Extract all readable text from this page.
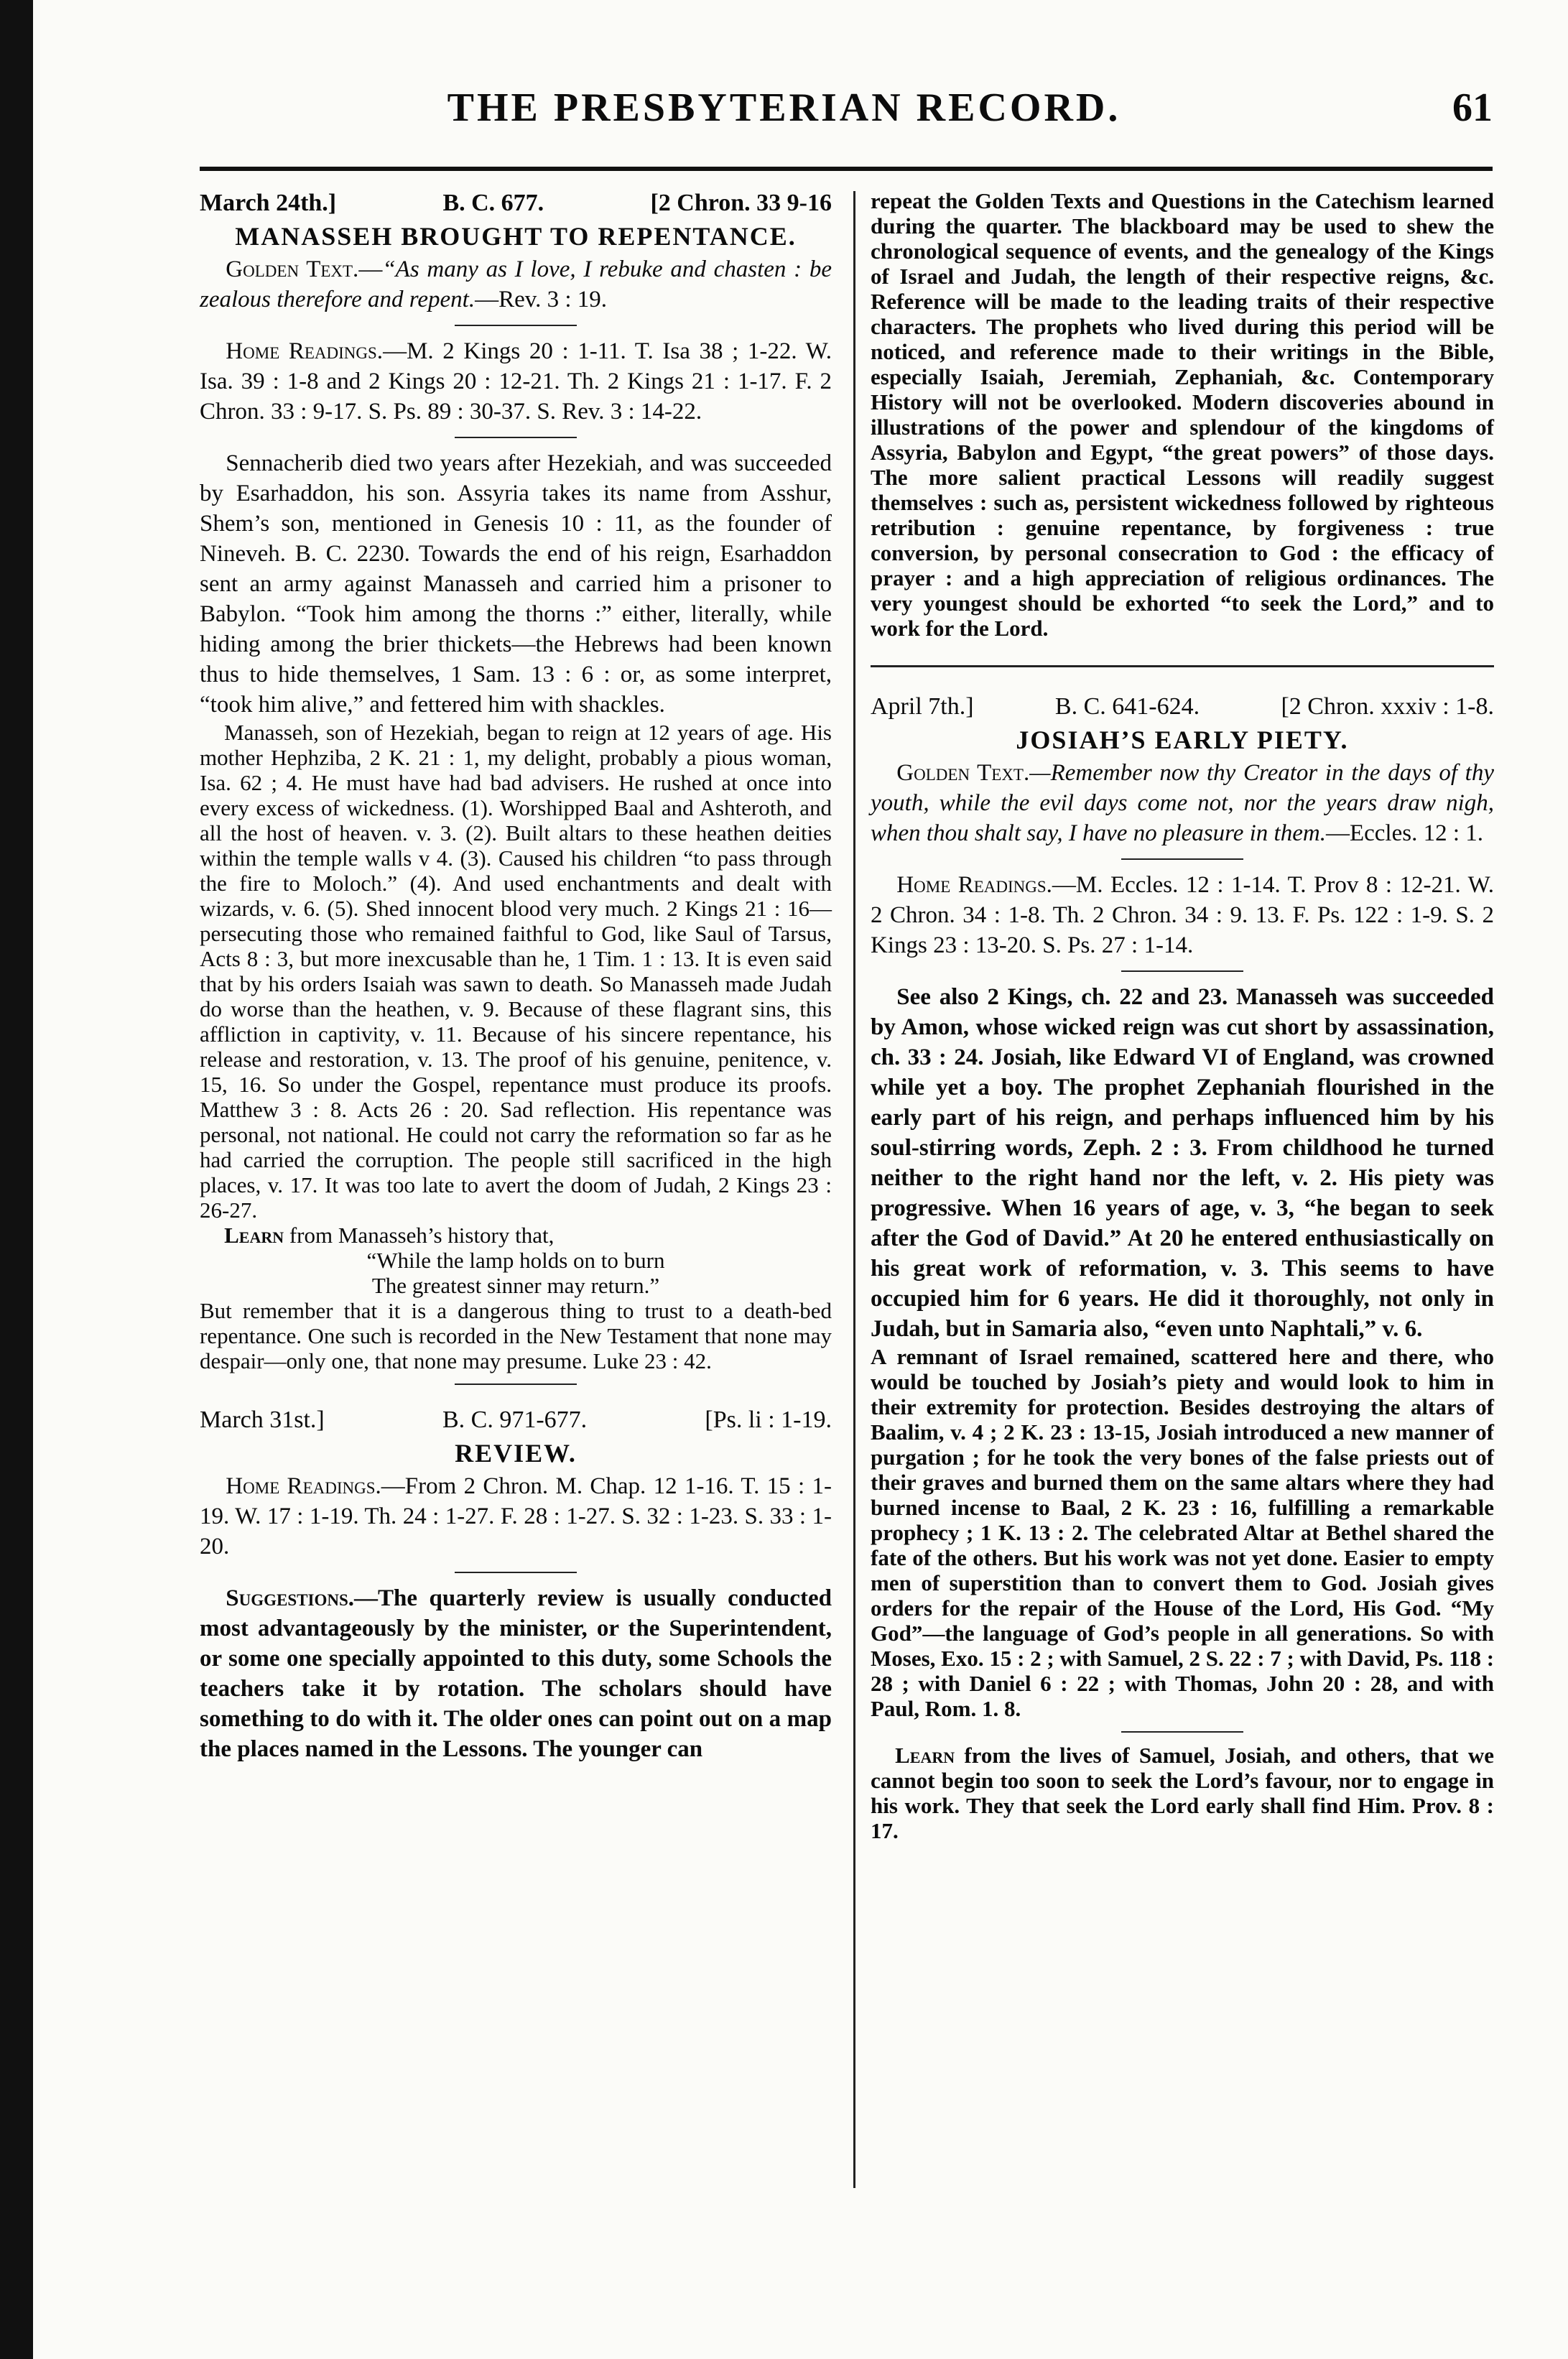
THE PRESBYTERIAN RECORD.	61
March 24th.]	B. C. 677.	[2 Chron. 33 9-16
MANASSEH BROUGHT TO REPENTANCE.

Golden Text.—“As many as I love, I rebuke and chasten : be zealous therefore and repent.—Rev. 3 : 19.

Home Readings.—M. 2 Kings 20 : 1-11. T. Isa 38 ; 1-22. W. Isa. 39 : 1-8 and 2 Kings 20 : 12-21. Th. 2 Kings 21 : 1-17. F. 2 Chron. 33 : 9-17. S. Ps. 89 : 30-37. S. Rev. 3 : 14-22.

Sennacherib died two years after Hezekiah, and was succeeded by Esarhaddon, his son. Assyria takes its name from Asshur, Shem’s son, mentioned in Genesis 10 : 11, as the founder of Nineveh. B. C. 2230. Towards the end of his reign, Esarhaddon sent an army against Manasseh and carried him a prisoner to Babylon. “Took him among the thorns :” either, literally, while hiding among the brier thickets—the Hebrews had been known thus to hide themselves, 1 Sam. 13 : 6 : or, as some interpret, “took him alive,” and fettered him with shackles.

Manasseh, son of Hezekiah, began to reign at 12 years of age. His mother Hephziba, 2 K. 21 : 1, my delight, probably a pious woman, Isa. 62 ; 4. He must have had bad advisers. He rushed at once into every excess of wickedness. (1). Worshipped Baal and Ashteroth, and all the host of heaven. v. 3. (2). Built altars to these heathen deities within the temple walls v 4. (3). Caused his children “to pass through the fire to Moloch.” (4). And used enchantments and dealt with wizards, v. 6. (5). Shed innocent blood very much. 2 Kings 21 : 16—persecuting those who remained faithful to God, like Saul of Tarsus, Acts 8 : 3, but more inexcusable than he, 1 Tim. 1 : 13. It is even said that by his orders Isaiah was sawn to death. So Manasseh made Judah do worse than the heathen, v. 9. Because of these flagrant sins, this affliction in captivity, v. 11. Because of his sincere repentance, his release and restoration, v. 13. The proof of his genuine, penitence, v. 15, 16. So under the Gospel, repentance must produce its proofs. Matthew 3 : 8. Acts 26 : 20. Sad reflection. His repentance was personal, not national. He could not carry the reformation so far as he had carried the corruption. The people still sacrificed in the high places, v. 17. It was too late to avert the doom of Judah, 2 Kings 23 : 26-27.

Learn from Manasseh’s history that,

“While the lamp holds on to burn

The greatest sinner may return.”

But remember that it is a dangerous thing to trust to a death-bed repentance. One such is recorded in the New Testament that none may despair—only one, that none may presume. Luke 23 : 42.

March 31st.]	B. C. 971-677.	[Ps. li : 1-19.
REVIEW.

Home Readings.—From 2 Chron. M. Chap. 12 1-16. T. 15 : 1-19. W. 17 : 1-19. Th. 24 : 1-27. F. 28 : 1-27. S. 32 : 1-23. S. 33 : 1-20.

Suggestions.—The quarterly review is usually conducted most advantageously by the minister, or the Superintendent, or some one specially appointed to this duty, some Schools the teachers take it by rotation. The scholars should have something to do with it. The older ones can point out on a map the places named in the Lessons. The younger can

repeat the Golden Texts and Questions in the Catechism learned during the quarter. The blackboard may be used to shew the chronological sequence of events, and the genealogy of the Kings of Israel and Judah, the length of their respective reigns, &c. Reference will be made to the leading traits of their respective characters. The prophets who lived during this period will be noticed, and reference made to their writings in the Bible, especially Isaiah, Jeremiah, Zephaniah, &c. Contemporary History will not be overlooked. Modern discoveries abound in illustrations of the power and splendour of the kingdoms of Assyria, Babylon and Egypt, “the great powers” of those days. The more salient practical Lessons will readily suggest themselves : such as, persistent wickedness followed by righteous retribution : genuine repentance, by forgiveness : true conversion, by personal consecration to God : the efficacy of prayer : and a high appreciation of religious ordinances. The very youngest should be exhorted “to seek the Lord,” and to work for the Lord.

April 7th.]	B. C. 641-624.	[2 Chron. xxxiv : 1-8.
JOSIAH’S EARLY PIETY.

Golden Text.—Remember now thy Creator in the days of thy youth, while the evil days come not, nor the years draw nigh, when thou shalt say, I have no pleasure in them.—Eccles. 12 : 1.

Home Readings.—M. Eccles. 12 : 1-14. T. Prov 8 : 12-21. W. 2 Chron. 34 : 1-8. Th. 2 Chron. 34 : 9. 13. F. Ps. 122 : 1-9. S. 2 Kings 23 : 13-20. S. Ps. 27 : 1-14.

See also 2 Kings, ch. 22 and 23. Manasseh was succeeded by Amon, whose wicked reign was cut short by assassination, ch. 33 : 24. Josiah, like Edward VI of England, was crowned while yet a boy. The prophet Zephaniah flourished in the early part of his reign, and perhaps influenced him by his soul-stirring words, Zeph. 2 : 3. From childhood he turned neither to the right hand nor the left, v. 2. His piety was progressive. When 16 years of age, v. 3, “he began to seek after the God of David.” At 20 he entered enthusiastically on his great work of reformation, v. 3. This seems to have occupied him for 6 years. He did it thoroughly, not only in Judah, but in Samaria also, “even unto Naphtali,” v. 6.

A remnant of Israel remained, scattered here and there, who would be touched by Josiah’s piety and would look to him in their extremity for protection. Besides destroying the altars of Baalim, v. 4 ; 2 K. 23 : 13-15, Josiah introduced a new manner of purgation ; for he took the very bones of the false priests out of their graves and burned them on the same altars where they had burned incense to Baal, 2 K. 23 : 16, fulfilling a remarkable prophecy ; 1 K. 13 : 2. The celebrated Altar at Bethel shared the fate of the others. But his work was not yet done. Easier to empty men of superstition than to convert them to God. Josiah gives orders for the repair of the House of the Lord, His God. “My God”—the language of God’s people in all generations. So with Moses, Exo. 15 : 2 ; with Samuel, 2 S. 22 : 7 ; with David, Ps. 118 : 28 ; with Daniel 6 : 22 ; with Thomas, John 20 : 28, and with Paul, Rom. 1. 8.

Learn from the lives of Samuel, Josiah, and others, that we cannot begin too soon to seek the Lord’s favour, nor to engage in his work. They that seek the Lord early shall find Him. Prov. 8 : 17.
